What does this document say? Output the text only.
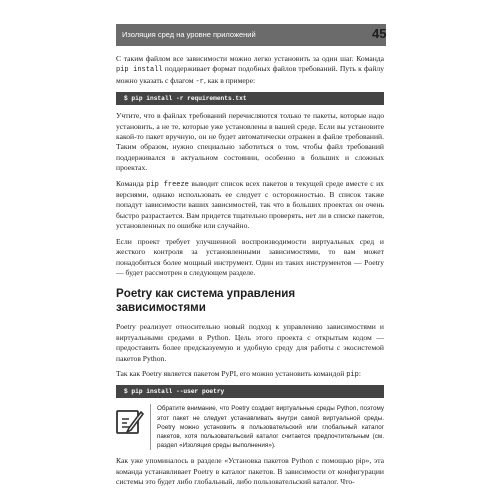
Изоляция сред на уровне приложений	45

С таким файлом все зависимости можно легко установить за один шаг. Команда pip install поддерживает формат подобных файлов требований. Путь к файлу можно указать с флагом -r, как в примере:

$ pip install -r requirements.txt

Учтите, что в файлах требований перечисляются только те пакеты, которые надо установить, а не те, которые уже установлены в вашей среде. Если вы установите какой-то пакет вручную, он не будет автоматически отражен в файле требований. Таким образом, нужно специально заботиться о том, чтобы файл требований поддерживался в актуальном состоянии, особенно в больших и сложных проектах.

Команда pip freeze выводит список всех пакетов в текущей среде вместе с их версиями, однако использовать ее следует с осторожностью. В список также попадут зависимости ваших зависимостей, так что в больших проектах он очень быстро разрастается. Вам придется тщательно проверять, нет ли в списке пакетов, установленных по ошибке или случайно.

Если проект требует улучшенной воспроизводимости виртуальных сред и жесткого контроля за установленными зависимостями, то вам может понадобиться более мощный инструмент. Один из таких инструментов — Poetry — будет рассмотрен в следующем разделе.

Poetry как система управления зависимостями

Poetry реализует относительно новый подход к управлению зависимостями и виртуальными средами в Python. Цель этого проекта с открытым кодом — предоставить более предсказуемую и удобную среду для работы с экосистемой пакетов Python.

Так как Poetry является пакетом PyPI, его можно установить командой pip:

$ pip install --user poetry
Обратите внимание, что Poetry создает виртуальные среды Python, поэтому этот пакет не следует устанавливать внутри самой виртуальной среды. Poetry можно установить в пользовательский или глобальный каталог пакетов, хотя пользовательский каталог считается предпочтительным (см. раздел «Изоляция среды выполнения»).

Как уже упоминалось в разделе «Установка пакетов Python с помощью pip», эта команда устанавливает Poetry в каталог пакетов. В зависимости от конфигурации системы это будет либо глобальный, либо пользовательский каталог. Что-
